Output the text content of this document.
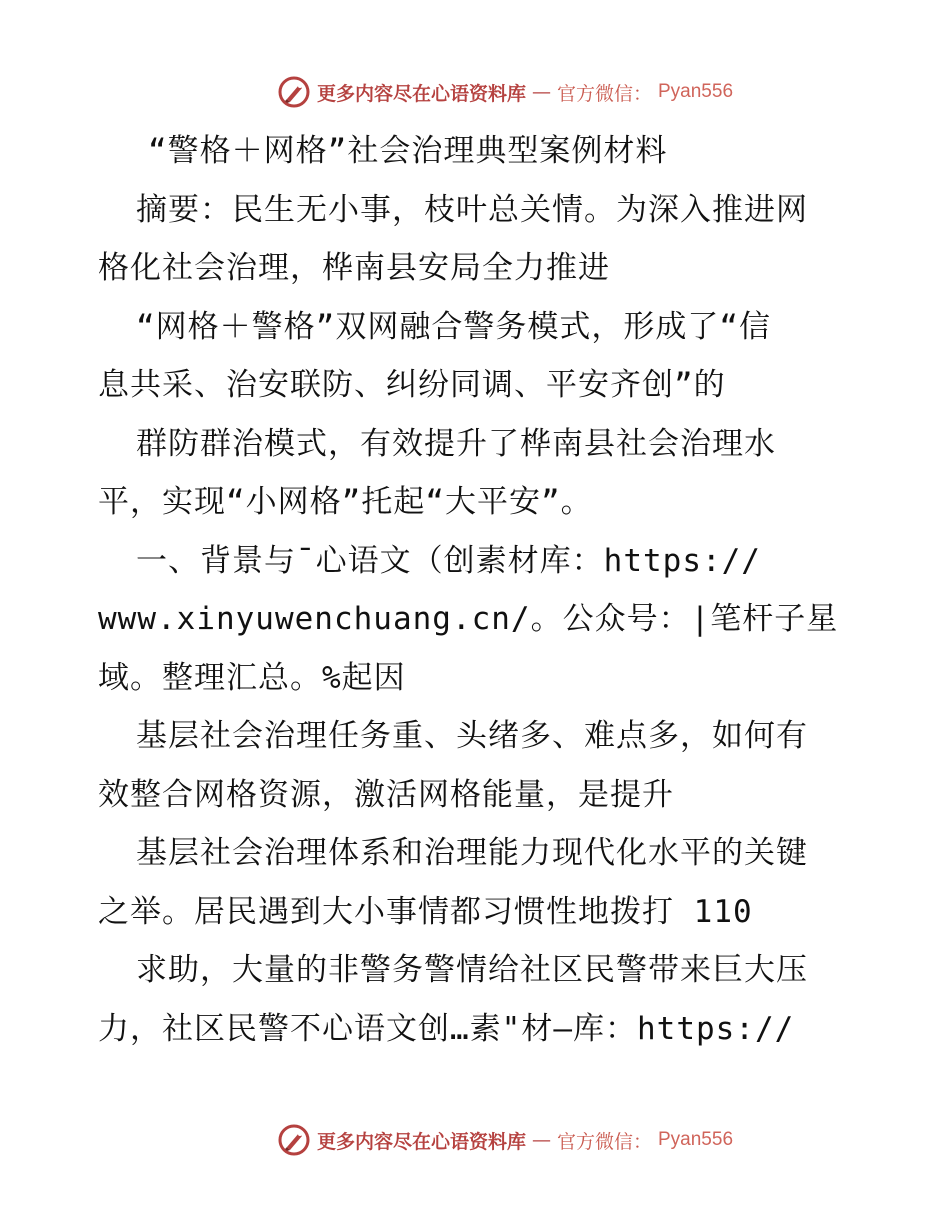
更多内容尽在心语资料库 — 官方微信： Pyan556
“警格＋网格”社会治理典型案例材料
摘要：民生无小事，枝叶总关情。为深入推进网
格化社会治理，桦南县安局全力推进
“网格＋警格”双网融合警务模式，形成了“信
息共采、治安联防、纠纷同调、平安齐创”的
群防群治模式，有效提升了桦南县社会治理水
平，实现“小网格”托起“大平安”。
一、背景与¯心语文（创素材库：https://
www.xinyuwenchuang.cn/。公众号：|笔杆子星
域。整理汇总。%起因
基层社会治理任务重、头绪多、难点多，如何有
效整合网格资源，激活网格能量，是提升
基层社会治理体系和治理能力现代化水平的关键
之举。居民遇到大小事情都习惯性地拨打 110
求助，大量的非警务警情给社区民警带来巨大压
力，社区民警不心语文创…素"材—库：https://
更多内容尽在心语资料库 — 官方微信： Pyan556
